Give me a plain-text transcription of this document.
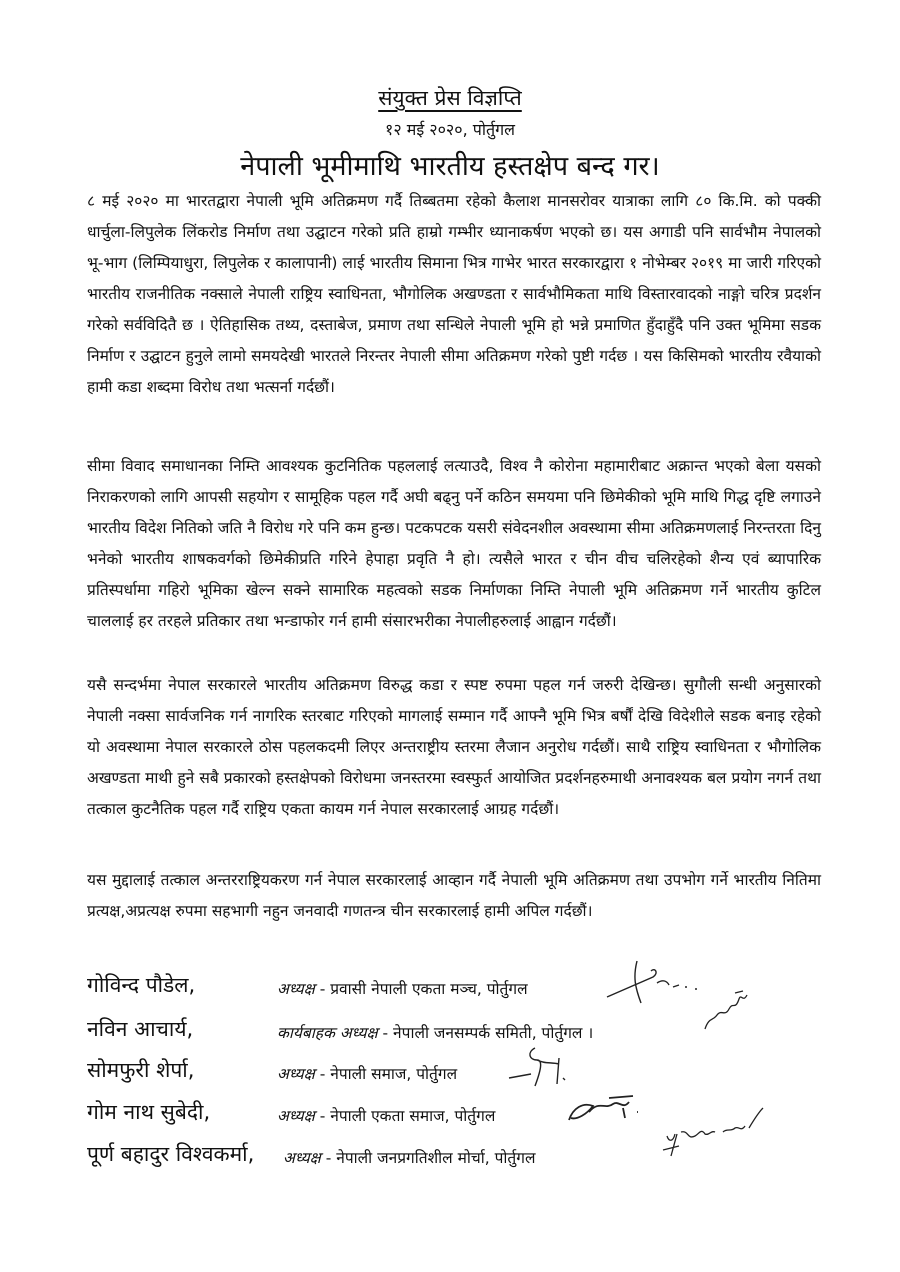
संयुक्त प्रेस विज्ञप्ति
१२ मई २०२०, पोर्तुगल
नेपाली भूमीमाथि भारतीय हस्तक्षेप बन्द गर।

८ मई २०२० मा भारतद्वारा नेपाली भूमि अतिक्रमण गर्दै तिब्बतमा रहेको कैलाश मानसरोवर यात्राका लागि ८० कि.मि. को पक्की धार्चुला-लिपुलेक लिंकरोड निर्माण तथा उद्घाटन गरेको प्रति हाम्रो गम्भीर ध्यानाकर्षण भएको छ। यस अगाडी पनि सार्वभौम नेपालको भू-भाग (लिम्पियाधुरा, लिपुलेक र कालापानी) लाई भारतीय सिमाना भित्र गाभेर भारत सरकारद्वारा १ नोभेम्बर २०१९ मा जारी गरिएको भारतीय राजनीतिक नक्साले नेपाली राष्ट्रिय स्वाधिनता, भौगोलिक अखण्डता र सार्वभौमिकता माथि विस्तारवादको नाङ्गो चरित्र प्रदर्शन गरेको सर्वविदितै छ । ऐतिहासिक तथ्य, दस्ताबेज, प्रमाण तथा सन्धिले नेपाली भूमि हो भन्ने प्रमाणित हुँदाहुँदै पनि उक्त भूमिमा सडक निर्माण र उद्घाटन हुनुले लामो समयदेखी भारतले निरन्तर नेपाली सीमा अतिक्रमण गरेको पुष्टी गर्दछ । यस किसिमको भारतीय रवैयाको हामी कडा शब्दमा विरोध तथा भत्सर्ना गर्दछौं।

सीमा विवाद समाधानका निम्ति आवश्यक कुटनितिक पहललाई लत्याउदै, विश्व नै कोरोना महामारीबाट अक्रान्त भएको बेला यसको निराकरणको लागि आपसी सहयोग र सामूहिक पहल गर्दै अघी बढ्नु पर्ने कठिन समयमा पनि छिमेकीको भूमि माथि गिद्ध दृष्टि लगाउने भारतीय विदेश नितिको जति नै विरोध गरे पनि कम हुन्छ। पटकपटक यसरी संवेदनशील अवस्थामा सीमा अतिक्रमणलाई निरन्तरता दिनु भनेको भारतीय शाषकवर्गको छिमेकीप्रति गरिने हेपाहा प्रवृति नै हो। त्यसैले भारत र चीन वीच चलिरहेको शैन्य एवं ब्यापारिक प्रतिस्पर्धामा गहिरो भूमिका खेल्न सक्ने सामारिक महत्वको सडक निर्माणका निम्ति नेपाली भूमि अतिक्रमण गर्ने भारतीय कुटिल चाललाई हर तरहले प्रतिकार तथा भन्डाफोर गर्न हामी संसारभरीका नेपालीहरुलाई आह्वान गर्दछौं।

यसै सन्दर्भमा नेपाल सरकारले भारतीय अतिक्रमण विरुद्ध कडा र स्पष्ट रुपमा पहल गर्न जरुरी देखिन्छ। सुगौली सन्धी अनुसारको नेपाली नक्सा सार्वजनिक गर्न नागरिक स्तरबाट गरिएको मागलाई सम्मान गर्दै आफ्नै भूमि भित्र बर्षौं देखि विदेशीले सडक बनाइ रहेको यो अवस्थामा नेपाल सरकारले ठोस पहलकदमी लिएर अन्तराष्ट्रीय स्तरमा लैजान अनुरोध गर्दछौं। साथै राष्ट्रिय स्वाधिनता र भौगोलिक अखण्डता माथी हुने सबै प्रकारको हस्तक्षेपको विरोधमा जनस्तरमा स्वस्फुर्त आयोजित प्रदर्शनहरुमाथी अनावश्यक बल प्रयोग नगर्न तथा तत्काल कुटनैतिक पहल गर्दै राष्ट्रिय एकता कायम गर्न नेपाल सरकारलाई आग्रह गर्दछौं।

यस मुद्दालाई तत्काल अन्तरराष्ट्रियकरण गर्न नेपाल सरकारलाई आव्हान गर्दै नेपाली भूमि अतिक्रमण तथा उपभोग गर्ने भारतीय नितिमा प्रत्यक्ष,अप्रत्यक्ष रुपमा सहभागी नहुन जनवादी गणतन्त्र चीन सरकारलाई हामी अपिल गर्दछौं।

गोविन्द पौडेल,	अध्यक्ष - प्रवासी नेपाली एकता मञ्च, पोर्तुगल
नविन आचार्य,	कार्यबाहक अध्यक्ष - नेपाली जनसम्पर्क समिती, पोर्तुगल ।
सोमफुरी शेर्पा,	अध्यक्ष - नेपाली समाज, पोर्तुगल
गोम नाथ सुबेदी,	अध्यक्ष - नेपाली एकता समाज, पोर्तुगल
पूर्ण बहादुर विश्वकर्मा, अध्यक्ष - नेपाली जनप्रगतिशील मोर्चा, पोर्तुगल
